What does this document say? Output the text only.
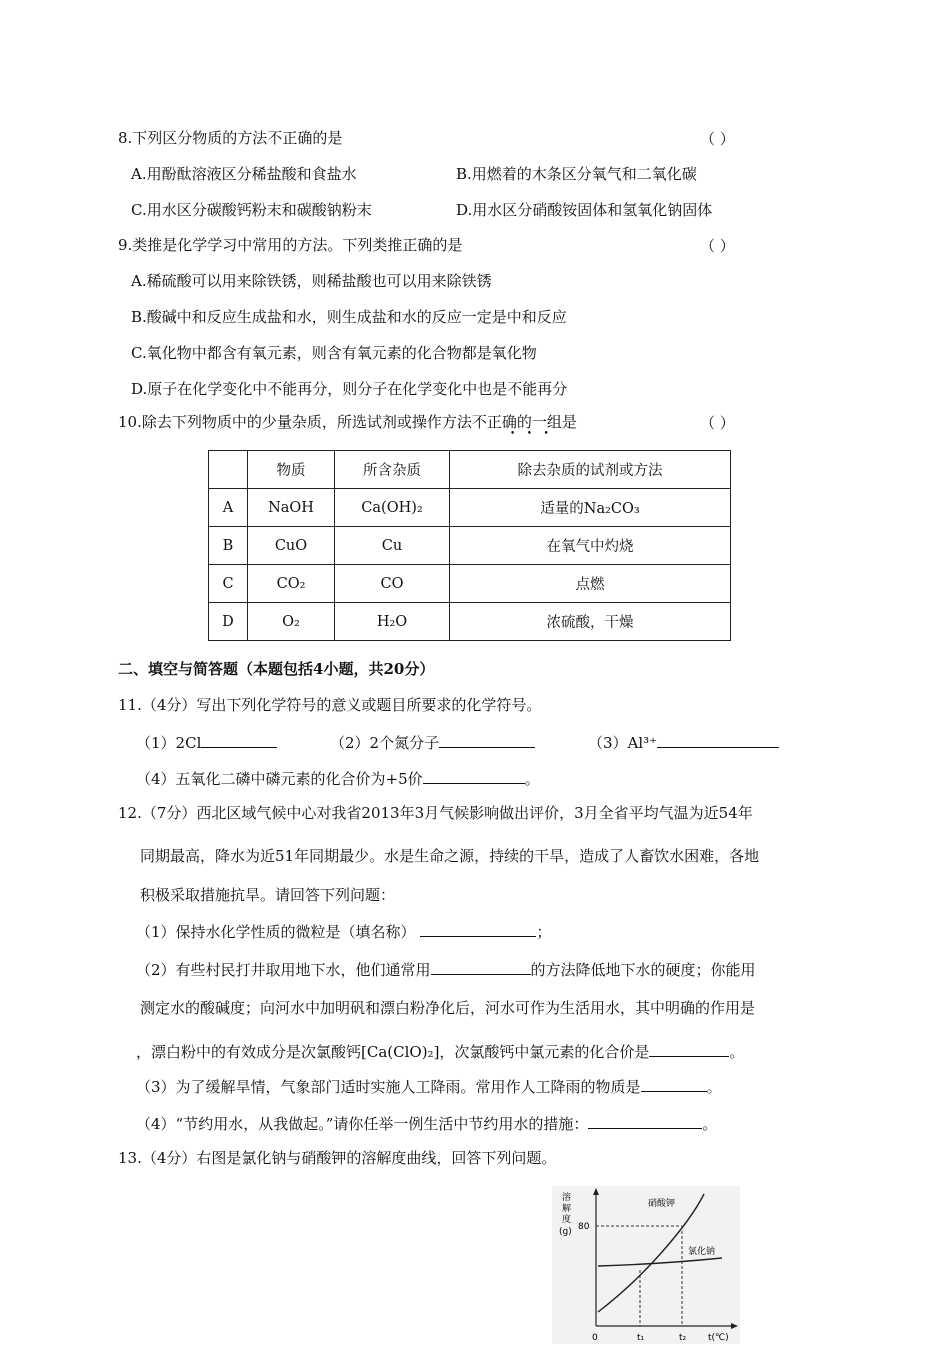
8.下列区分物质的方法不正确的是	（ ）
A.用酚酞溶液区分稀盐酸和食盐水	B.用燃着的木条区分氧气和二氧化碳
C.用水区分碳酸钙粉末和碳酸钠粉末	D.用水区分硝酸铵固体和氢氧化钠固体
9.类推是化学学习中常用的方法。下列类推正确的是	（ ）
A.稀硫酸可以用来除铁锈，则稀盐酸也可以用来除铁锈
B.酸碱中和反应生成盐和水，则生成盐和水的反应一定是中和反应
C.氧化物中都含有氧元素，则含有氧元素的化合物都是氧化物
D.原子在化学变化中不能再分，则分子在化学变化中也是不能再分
10.除去下列物质中的少量杂质，所选试剂或操作方法不正确的一组是
•    •    •
（ ）
	物质	所含杂质	除去杂质的试剂或方法
A	NaOH	Ca(OH)₂	适量的Na₂CO₃
B	CuO	Cu	在氧气中灼烧
C	CO₂	CO	点燃
D	O₂	H₂O	浓硫酸，干燥
二、填空与简答题（本题包括4小题，共20分）
11.（4分）写出下列化学符号的意义或题目所要求的化学符号。
（1）2Cl	（2）2个氮分子	（3）Al³⁺
（4）五氧化二磷中磷元素的化合价为+5价	。
12.（7分）西北区域气候中心对我省2013年3月气候影响做出评价，3月全省平均气温为近54年
同期最高，降水为近51年同期最少。水是生命之源，持续的干旱，造成了人畜饮水困难，各地
积极采取措施抗旱。请回答下列问题：
（1）保持水化学性质的微粒是（填名称）	；
（2）有些村民打井取用地下水，他们通常用	的方法降低地下水的硬度；你能用
测定水的酸碱度；向河水中加明矾和漂白粉净化后，河水可作为生活用水，其中明确的作用是
，漂白粉中的有效成分是次氯酸钙[Ca(ClO)₂]，次氯酸钙中氯元素的化合价是	。
（3）为了缓解旱情，气象部门适时实施人工降雨。常用作人工降雨的物质是	。
（4）“节约用水，从我做起。”请你任举一例生活中节约用水的措施：	。
13.（4分）右图是氯化钠与硝酸钾的溶解度曲线，回答下列问题。
溶
解
度
(g) 80
硝酸钾
氯化钠
0	t₁	t₂ t(℃)
